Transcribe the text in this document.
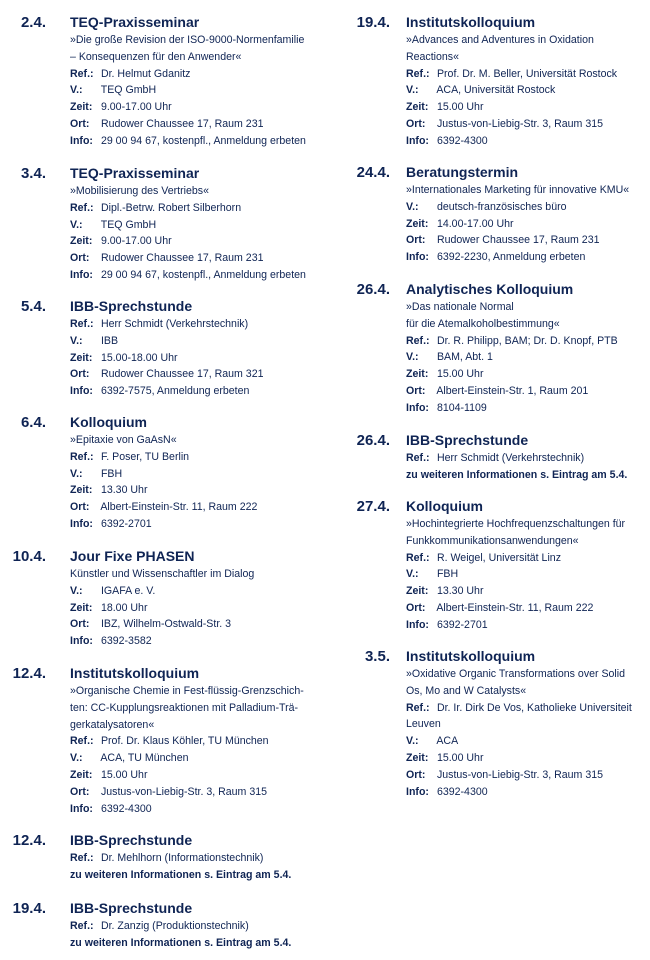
2.4. TEQ-Praxisseminar
»Die große Revision der ISO-9000-Normenfamilie
– Konsequenzen für den Anwender«
Ref.: Dr. Helmut Gdanitz
V.: TEQ GmbH
Zeit: 9.00-17.00 Uhr
Ort: Rudower Chaussee 17, Raum 231
Info: 29 00 94 67, kostenpfl., Anmeldung erbeten
3.4. TEQ-Praxisseminar
»Mobilisierung des Vertriebs«
Ref.: Dipl.-Betrw. Robert Silberhorn
V.: TEQ GmbH
Zeit: 9.00-17.00 Uhr
Ort: Rudower Chaussee 17, Raum 231
Info: 29 00 94 67, kostenpfl., Anmeldung erbeten
5.4. IBB-Sprechstunde
Ref.: Herr Schmidt (Verkehrstechnik)
V.: IBB
Zeit: 15.00-18.00 Uhr
Ort: Rudower Chaussee 17, Raum 321
Info: 6392-7575, Anmeldung erbeten
6.4. Kolloquium
»Epitaxie von GaAsN«
Ref.: F. Poser, TU Berlin
V.: FBH
Zeit: 13.30 Uhr
Ort: Albert-Einstein-Str. 11, Raum 222
Info: 6392-2701
10.4. Jour Fixe PHASEN
Künstler und Wissenschaftler im Dialog
V.: IGAFA e. V.
Zeit: 18.00 Uhr
Ort: IBZ, Wilhelm-Ostwald-Str. 3
Info: 6392-3582
12.4. Institutskolloquium
»Organische Chemie in Fest-flüssig-Grenzschich-
ten: CC-Kupplungsreaktionen mit Palladium-Trä-
gerkatalysatoren«
Ref.: Prof. Dr. Klaus Köhler, TU München
V.: ACA, TU München
Zeit: 15.00 Uhr
Ort: Justus-von-Liebig-Str. 3, Raum 315
Info: 6392-4300
12.4. IBB-Sprechstunde
Ref.: Dr. Mehlhorn (Informationstechnik)
zu weiteren Informationen s. Eintrag am 5.4.
19.4. IBB-Sprechstunde
Ref.: Dr. Zanzig (Produktionstechnik)
zu weiteren Informationen s. Eintrag am 5.4.
19.4. Institutskolloquium
»Advances and Adventures in Oxidation
Reactions«
Ref.: Prof. Dr. M. Beller, Universität Rostock
V.: ACA, Universität Rostock
Zeit: 15.00 Uhr
Ort: Justus-von-Liebig-Str. 3, Raum 315
Info: 6392-4300
24.4. Beratungstermin
»Internationales Marketing für innovative KMU«
V.: deutsch-französisches büro
Zeit: 14.00-17.00 Uhr
Ort: Rudower Chaussee 17, Raum 231
Info: 6392-2230, Anmeldung erbeten
26.4. Analytisches Kolloquium
»Das nationale Normal
für die Atemalkoholbestimmung«
Ref.: Dr. R. Philipp, BAM; Dr. D. Knopf, PTB
V.: BAM, Abt. 1
Zeit: 15.00 Uhr
Ort: Albert-Einstein-Str. 1, Raum 201
Info: 8104-1109
26.4. IBB-Sprechstunde
Ref.: Herr Schmidt (Verkehrstechnik)
zu weiteren Informationen s. Eintrag am 5.4.
27.4. Kolloquium
»Hochintegrierte Hochfrequenzschaltungen für
Funkkommunikationsanwendungen«
Ref.: R. Weigel, Universität Linz
V.: FBH
Zeit: 13.30 Uhr
Ort: Albert-Einstein-Str. 11, Raum 222
Info: 6392-2701
3.5. Institutskolloquium
»Oxidative Organic Transformations over Solid
Os, Mo and W Catalysts«
Ref.: Dr. Ir. Dirk De Vos, Katholieke Universiteit
Leuven
V.: ACA
Zeit: 15.00 Uhr
Ort: Justus-von-Liebig-Str. 3, Raum 315
Info: 6392-4300
